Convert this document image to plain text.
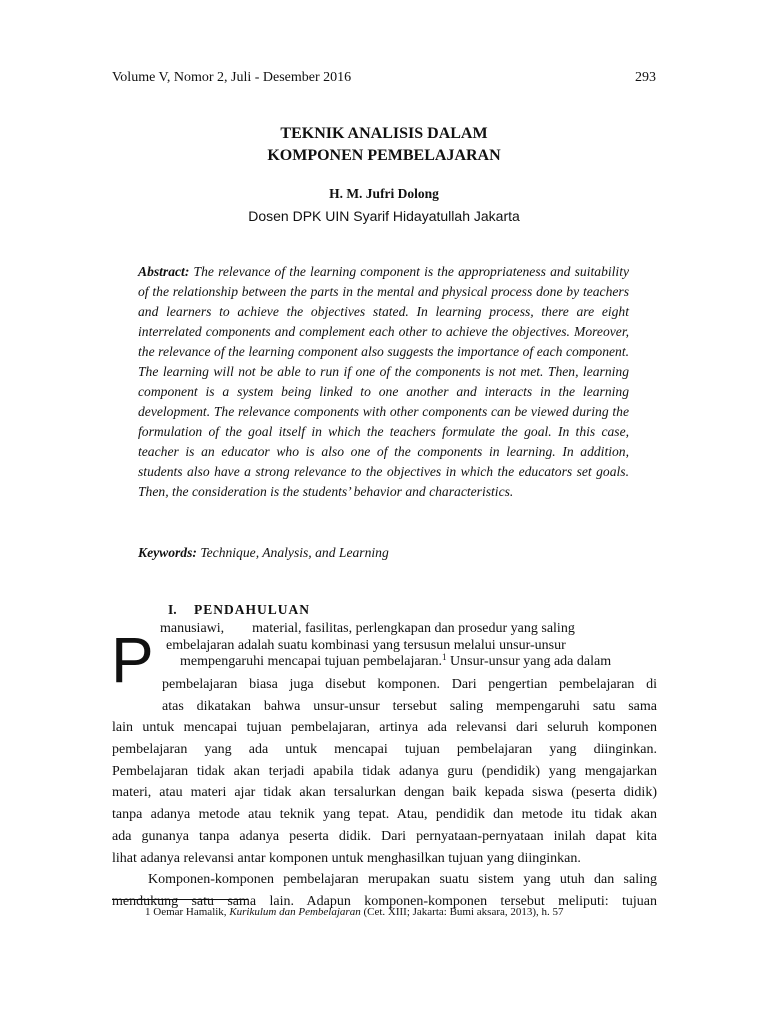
Volume V, Nomor 2, Juli - Desember 2016	293
TEKNIK ANALISIS DALAM
KOMPONEN PEMBELAJARAN
H. M. Jufri Dolong
Dosen DPK UIN Syarif Hidayatullah Jakarta
Abstract: The relevance of the learning component is the appropriateness and suitability of the relationship between the parts in the mental and physical process done by teachers and learners to achieve the objectives stated. In learning process, there are eight interrelated components and complement each other to achieve the objectives. Moreover, the relevance of the learning component also suggests the importance of each component. The learning will not be able to run if one of the components is not met. Then, learning component is a system being linked to one another and interacts in the learning development. The relevance components with other components can be viewed during the formulation of the goal itself in which the teachers formulate the goal. In this case, teacher is an educator who is also one of the components in learning. In addition, students also have a strong relevance to the objectives in which the educators set goals. Then, the consideration is the students’ behavior and characteristics.
Keywords: Technique, Analysis, and Learning
I. PENDAHULUAN
P manusiawi,        material, fasilitas, perlengkapan dan prosedur yang saling
embelajaran adalah suatu kombinasi yang tersusun melalui unsur-unsur
mempengaruhi mencapai tujuan pembelajaran.$^1$ Unsur-unsur yang ada dalam
pembelajaran biasa juga disebut komponen. Dari pengertian pembelajaran di
atas dikatakan bahwa unsur-unsur tersebut saling mempengaruhi satu sama
lain untuk mencapai tujuan pembelajaran, artinya ada relevansi dari seluruh komponen
pembelajaran yang ada untuk mencapai tujuan pembelajaran yang diinginkan.
Pembelajaran tidak akan terjadi apabila tidak adanya guru (pendidik) yang mengajarkan
materi, atau materi ajar tidak akan tersalurkan dengan baik kepada siswa (peserta didik)
tanpa adanya metode atau teknik yang tepat. Atau, pendidik dan metode itu tidak akan
ada gunanya tanpa adanya peserta didik. Dari pernyataan-pernyataan inilah dapat kita
lihat adanya relevansi antar komponen untuk menghasilkan tujuan yang diinginkan.
Komponen-komponen pembelajaran merupakan suatu sistem yang utuh dan saling
mendukung satu sama lain. Adapun komponen-komponen tersebut meliputi: tujuan
1 Oemar Hamalik, Kurikulum dan Pembelajaran (Cet. XIII; Jakarta: Bumi aksara, 2013), h. 57
